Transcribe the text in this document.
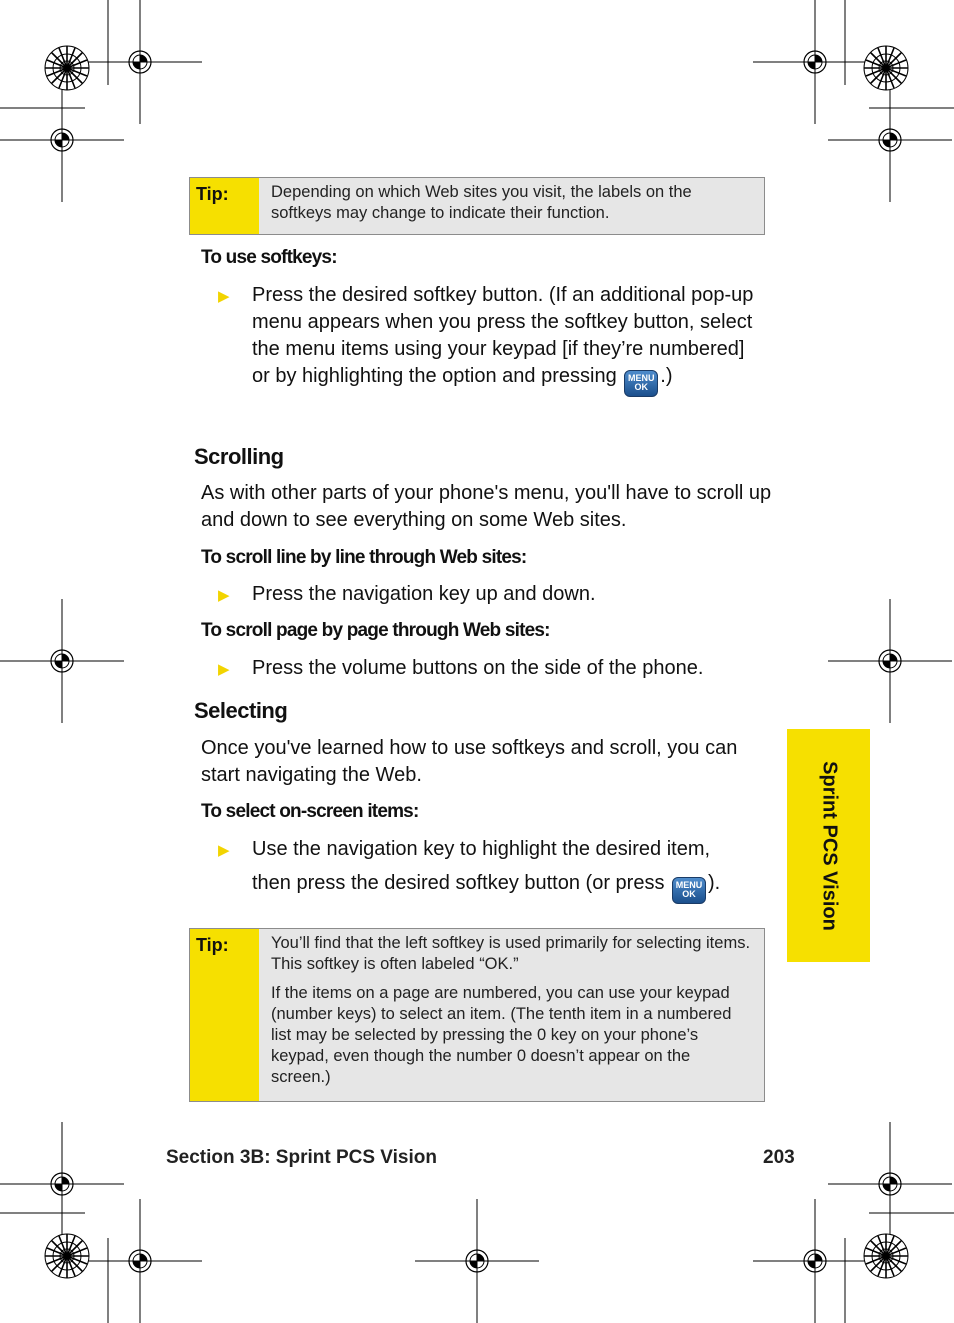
Tip:	Depending on which Web sites you visit, the labels on the softkeys may change to indicate their function.

To use softkeys:
▶	Press the desired softkey button. (If an additional pop-up menu appears when you press the softkey button, select the menu items using your keypad [if they’re numbered] or by highlighting the option and pressing MENU
OK .)
Scrolling
As with other parts of your phone's menu, you'll have to scroll up and down to see everything on some Web sites.
To scroll line by line through Web sites:
▶	Press the navigation key up and down.
To scroll page by page through Web sites:
▶	Press the volume buttons on the side of the phone.
Selecting
Once you've learned how to use softkeys and scroll, you can start navigating the Web.
To select on-screen items:
▶	Use the navigation key to highlight the desired item, then press the desired softkey button (or press MENU
OK ).
Tip:	You’ll find that the left softkey is used primarily for selecting items. This softkey is often labeled “OK.”

If the items on a page are numbered, you can use your keypad (number keys) to select an item. (The tenth item in a numbered list may be selected by pressing the 0 key on your phone’s keypad, even though the number 0 doesn’t appear on the screen.)

Sprint PCS Vision
Section 3B: Sprint PCS Vision	203
